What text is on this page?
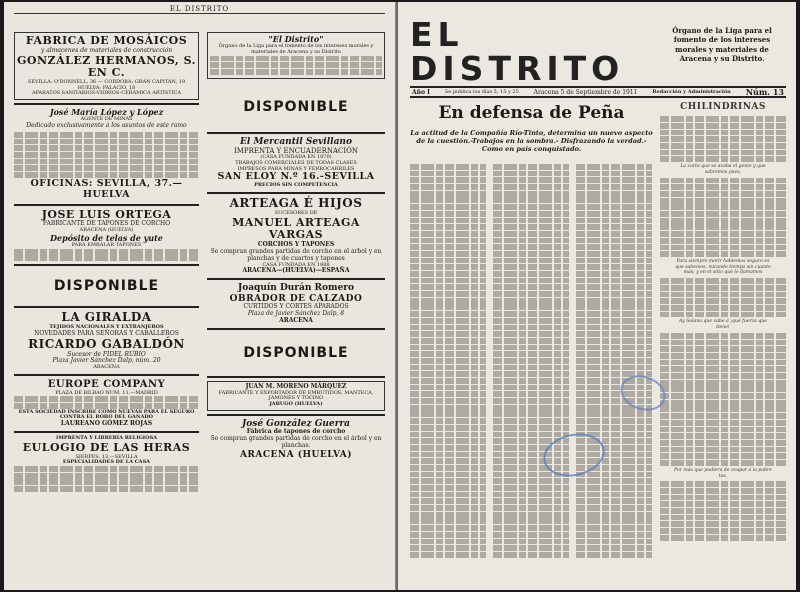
EL DISTRITO
FABRICA DE MOSÁICOS
y almacenes de materiales de construcción
GONZÁLEZ HERMANOS, S. EN C.
SEVILLA: O'DONNELL, 36 — CORDOBA: GRAN CAPITAN, 19
HUELVA: PALACIO, 18
APARATOS SANITARIOS-VIDRIOS-CERÁMICA ARTÍSTICA
José María López y López
AGENTE DE MINAS
Dedicado exclusivamente á los asuntos de este ramo
OFICINAS: SEVILLA, 37.—HUELVA
JOSE LUIS ORTEGA
FABRICANTE DE TAPONES DE CORCHO
ARACENA (HUELVA)
Depósito de telas de yute
PARA EMBALAR TAPONES
DISPONIBLE
LA GIRALDA
TEJIDOS NACIONALES Y EXTRANJEROS
NOVEDADES PARA SEÑORAS Y CABALLEROS
RICARDO GABALDÓN
Sucesor de FIDEL RUBIO
Plaza Javier Sánchez Dalp, núm. 20
ARACENA
EUROPE COMPANY
PLAZA DE BILBAO NUM. 11.—MADRID
ESTA SOCIEDAD INSCRIBE COMO NUEVAS PARA EL SEGURO CONTRA EL ROBO DEL GANADO
LAUREANO GÓMEZ ROJAS
IMPRENTA Y LIBRERÍA RELIGIOSA
EULOGIO DE LAS HERAS
SIERPES, 13.—SEVILLA
ESPECIALIDADES DE LA CASA
"El Distrito"
Órgano de la Liga para el fomento de los intereses morales y materiales de Aracena y su Distrito
DISPONIBLE
El Mercantil Sevillano
IMPRENTA Y ENCUADERNACIÓN
(CASA FUNDADA EN 1870)
TRABAJOS COMERCIALES DE TODAS CLASES
IMPRESOS PARA MINAS Y FERROCARRILES
SAN ELOY N.º 16.-SEVILLA
PRECIOS SIN COMPETENCIA
ARTEAGA É HIJOS
SUCESORES DE
MANUEL ARTEAGA VARGAS
CORCHOS Y TAPONES
Se compran grandes partidas de corcho en el árbol y en planchas y de cuartos y tapones
CASA FUNDADA EN 1888
ARACENA—(HUELVA)—ESPAÑA
Joaquín Durán Romero
OBRADOR DE CALZADO
CURTIDOS Y CORTES APARADOS
Plaza de Javier Sánchez Dalp, 8
ARACENA
DISPONIBLE
JUAN M. MORENO MÁRQUEZ
FABRICANTE Y EXPORTADOR DE EMBUTIDOS, MANTECA, JAMONES Y TOCINO
JABUGO (HUELVA)
José González Guerra
Fábrica de tapones de corcho
Se compran grandes partidas de corcho en el árbol y en planchas.
ARACENA (HUELVA)
EL
DISTRITO
Órgano de la Liga para el fomento de los intereses morales y materiales de Aracena y su Distrito.
Año I	Se publica los días 5, 15 y 25 Aracena 5 de Septiembre de 1911	Redacción y Administración Núm. 13
En defensa de Peña
La actitud de la Compañía Río-Tinto, determina un nuevo aspecto de la cuestión.-Trabajos en la sombra.- Disfrazando la verdad.-Como en país conquistado.
CHILINDRINAS
La carta que se acaba el genio y que sabremos pues,
Para siempre morir hablemos seguro es que sabemos, mirando tiempo sin cuanto más; y en el sitio que lo llamamos
Ay Solana que cabe á ¡qué fuerza que tiene!
Por más que pudiera de ocupar á la pobre tos.
